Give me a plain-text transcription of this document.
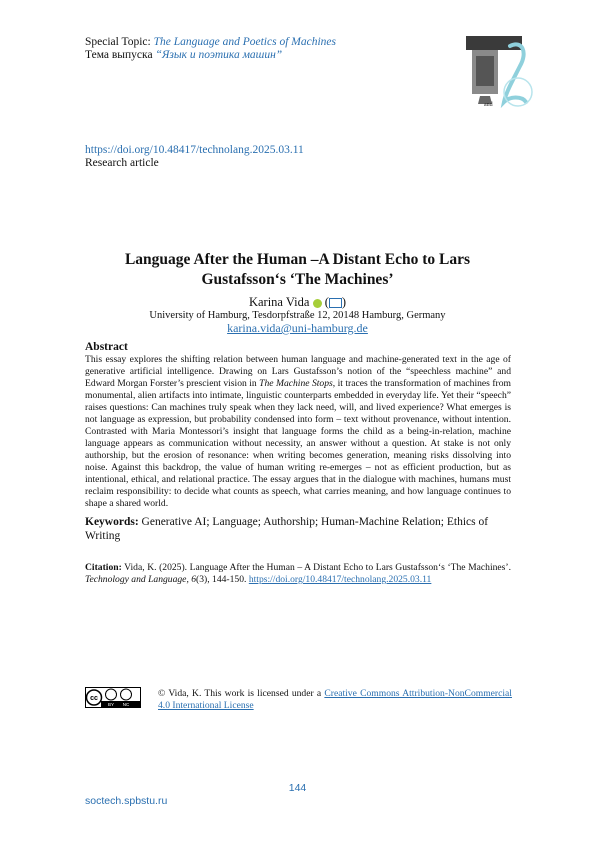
Special Topic: The Language and Poetics of Machines
Тема выпуска “Язык и поэтика машин”
and
https://doi.org/10.48417/technolang.2025.03.11
Research article
Language After the Human –A Distant Echo to Lars Gustafsson‘s ‘The Machines’
Karina Vida  ( )
University of Hamburg, Tesdorpfstraße 12, 20148 Hamburg, Germany
karina.vida@uni-hamburg.de
Abstract
This essay explores the shifting relation between human language and machine-generated text in the age of generative artificial intelligence. Drawing on Lars Gustafsson’s notion of the “speechless machine” and Edward Morgan Forster’s prescient vision in The Machine Stops, it traces the transformation of machines from monumental, alien artifacts into intimate, linguistic counterparts embedded in everyday life. Yet their “speech” raises questions: Can machines truly speak when they lack need, will, and lived experience? What emerges is not language as expression, but probability condensed into form – text without provenance, without intention. Contrasted with Maria Montessori’s insight that language forms the child as a being-in-relation, machine language appears as communication without necessity, an answer without a question. At stake is not only authorship, but the erosion of resonance: when writing becomes generation, meaning risks dissolving into noise. Against this backdrop, the value of human writing re-emerges – not as efficient production, but as intentional, ethical, and relational practice. The essay argues that in the dialogue with machines, humans must reclaim responsibility: to decide what counts as speech, what carries meaning, and how language continues to shape a shared world.
Keywords: Generative AI; Language; Authorship; Human-Machine Relation; Ethics of Writing
Citation: Vida, K. (2025). Language After the Human – A Distant Echo to Lars Gustafsson‘s ‘The Machines’. Technology and Language, 6(3), 144-150. https://doi.org/10.48417/technolang.2025.03.11
cc
BY NC
© Vida, K. This work is licensed under a Creative Commons Attribution-NonCommercial 4.0 International License
144
soctech.spbstu.ru
